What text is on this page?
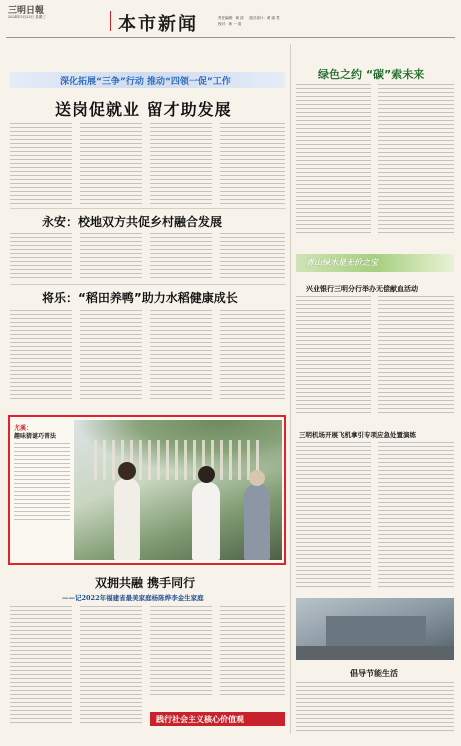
三明日報
2024年5月23日 星期三	本市新闻	责任编辑：黄 清 　 版式设计：黄 丽 君
校对：黄 一 清
深化拓展“三争”行动 推动“四领一促”工作
送岗促就业 留才助发展
永安：校地双方共促乡村融合发展
将乐：“稻田养鸭”助力水稻健康成长
尤溪：
趣味猜谜巧普法
双拥共融 携手同行
——记2022年福建省最美家庭杨陈烨李金生家庭
践行社会主义核心价值观
绿色之约 “碳”索未来
青山绿水是无价之宝
兴业银行三明分行举办无偿献血活动
三明机场开展飞机拿引专项应急处置演练
倡导节能生活
